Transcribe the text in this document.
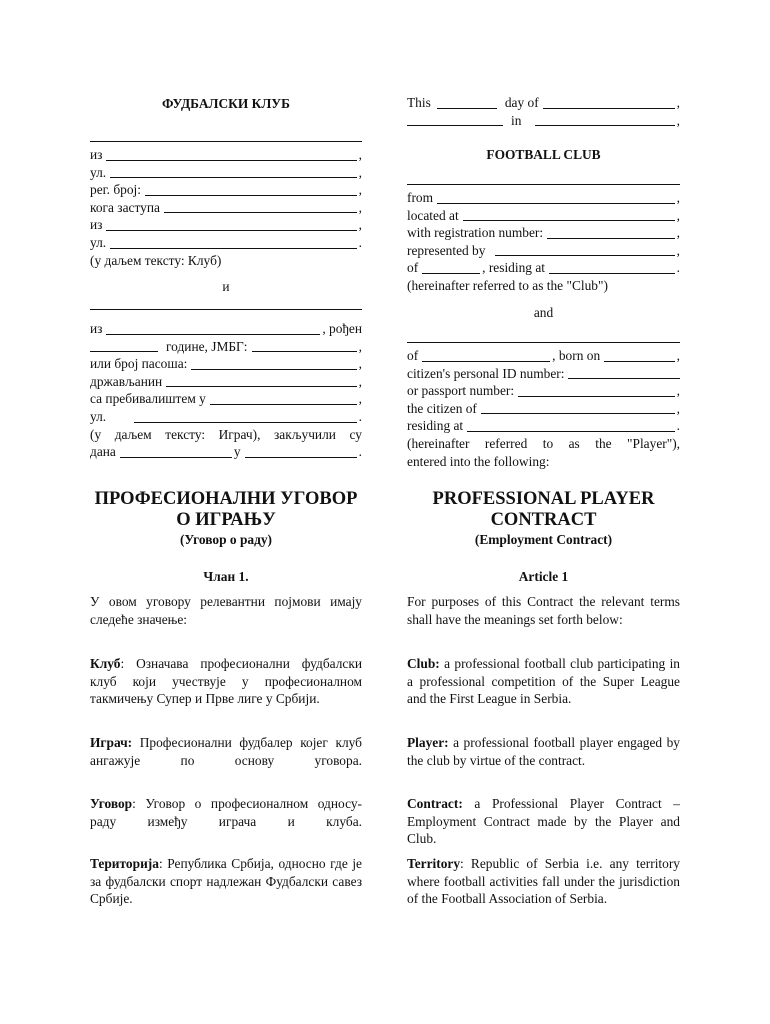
ФУДБАЛСКИ КЛУБ
из	,
ул.	,
рег. број:	,
кога заступа	,
из	,
ул.	.
(у даљем тексту: Клуб)
и
из	, рођен
године, ЈМБГ:	,
или број пасоша:	,
држављанин	,
са пребивалиштем у	,
ул.	.
(у даљем тексту: Играч), закључили су
дана	у	.
ПРОФЕСИОНАЛНИ УГОВОР
О ИГРАЊУ
(Уговор о раду)
Члан 1.

У овом уговору релевантни појмови имају следеће значење:

Клуб: Означава професионални фудбалски клуб који учествује у професионалном такмичењу Супер и Прве лиге у Србији.

Играч: Професионални фудбалер којег клуб ангажује по основу уговора.

Уговор: Уговор о професионалном односу-раду између играча и клуба.

Територија: Република Србија, односно где је за фудбалски спорт надлежан Фудбалски савез Србије.

This	day of	,
in	,
FOOTBALL CLUB
from	,
located at	,
with registration number:	,
represented by	,
of	, residing at	.
(hereinafter referred to as the "Club")
and
of	, born on	,
citizen's personal ID number:
or passport number:	,
the citizen of	,
residing at	.
(hereinafter referred to as the "Player"),
entered into the following:
PROFESSIONAL PLAYER
CONTRACT
(Employment Contract)
Article 1

For purposes of this Contract the relevant terms shall have the meanings set forth below:

Club: a professional football club participating in a professional competition of the Super League and the First League in Serbia.

Player: a professional football player engaged by the club by virtue of the contract.

Contract: a Professional Player Contract – Employment Contract made by the Player and Club.

Territory: Republic of Serbia i.e. any territory where football activities fall under the jurisdiction of the Football Association of Serbia.
